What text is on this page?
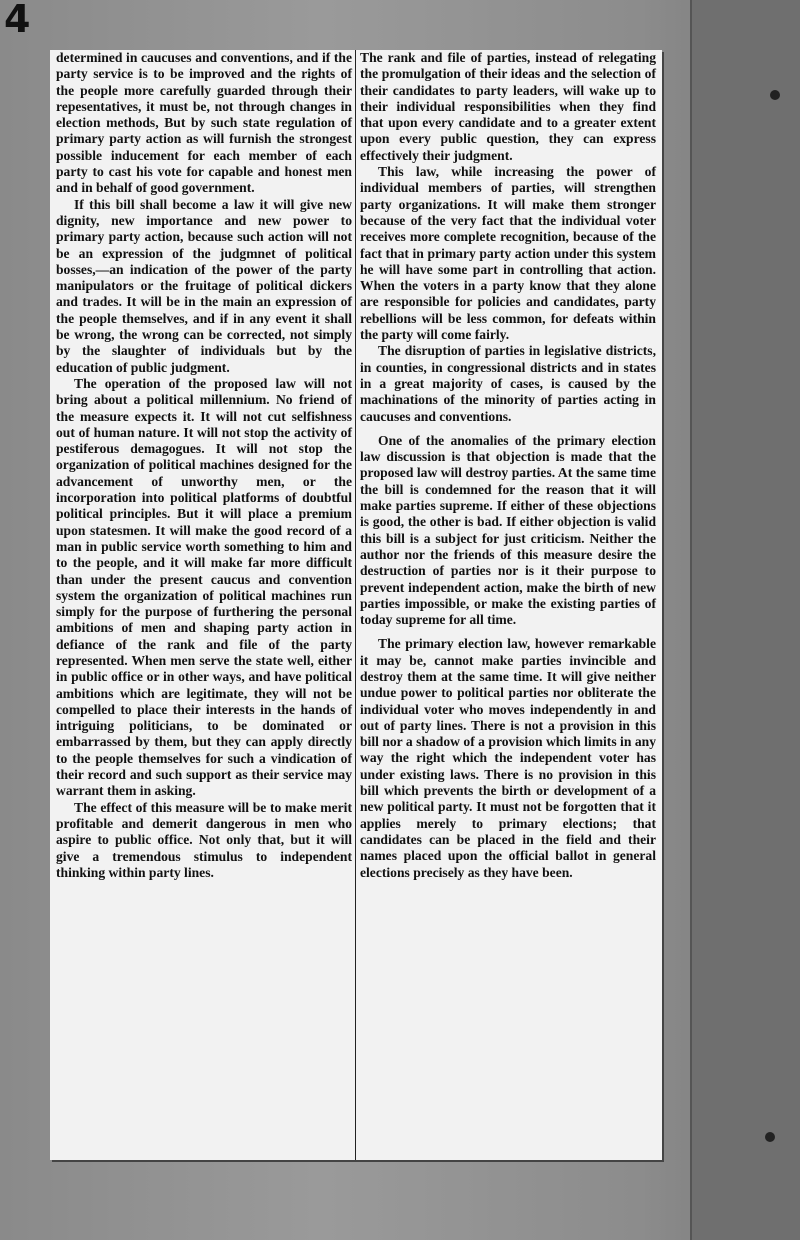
4

determined in caucuses and conventions, and if the party service is to be improved and the rights of the people more carefully guarded through their repesentatives, it must be, not through changes in election methods, But by such state regulation of primary party action as will furnish the strongest possible inducement for each member of each party to cast his vote for capable and honest men and in behalf of good government.

If this bill shall become a law it will give new dignity, new importance and new power to primary party action, because such action will not be an expression of the judgmnet of political bosses,—an indication of the power of the party manipulators or the fruitage of political dickers and trades. It will be in the main an expression of the people themselves, and if in any event it shall be wrong, the wrong can be corrected, not simply by the slaughter of individuals but by the education of public judgment.

The operation of the proposed law will not bring about a political millennium. No friend of the measure expects it. It will not cut selfishness out of human nature. It will not stop the activity of pestiferous demagogues. It will not stop the organization of political machines designed for the advancement of unworthy men, or the incorporation into political platforms of doubtful political principles. But it will place a premium upon statesmen. It will make the good record of a man in public service worth something to him and to the people, and it will make far more difficult than under the present caucus and convention system the organization of political machines run simply for the purpose of furthering the personal ambitions of men and shaping party action in defiance of the rank and file of the party represented. When men serve the state well, either in public office or in other ways, and have political ambitions which are legitimate, they will not be compelled to place their interests in the hands of intriguing politicians, to be dominated or embarrassed by them, but they can apply directly to the people themselves for such a vindication of their record and such support as their service may warrant them in asking.

The effect of this measure will be to make merit profitable and demerit dangerous in men who aspire to public office. Not only that, but it will give a tremendous stimulus to independent thinking within party lines.

The rank and file of parties, instead of relegating the promulgation of their ideas and the selection of their candidates to party leaders, will wake up to their individual responsibilities when they find that upon every candidate and to a greater extent upon every public question, they can express effectively their judgment.

This law, while increasing the power of individual members of parties, will strengthen party organizations. It will make them stronger because of the very fact that the individual voter receives more complete recognition, because of the fact that in primary party action under this system he will have some part in controlling that action. When the voters in a party know that they alone are responsible for policies and candidates, party rebellions will be less common, for defeats within the party will come fairly.

The disruption of parties in legislative districts, in counties, in congressional districts and in states in a great majority of cases, is caused by the machinations of the minority of parties acting in caucuses and conventions.

One of the anomalies of the primary election law discussion is that objection is made that the proposed law will destroy parties. At the same time the bill is condemned for the reason that it will make parties supreme. If either of these objections is good, the other is bad. If either objection is valid this bill is a subject for just criticism. Neither the author nor the friends of this measure desire the destruction of parties nor is it their purpose to prevent independent action, make the birth of new parties impossible, or make the existing parties of today supreme for all time.

The primary election law, however remarkable it may be, cannot make parties invincible and destroy them at the same time. It will give neither undue power to political parties nor obliterate the individual voter who moves independently in and out of party lines. There is not a provision in this bill nor a shadow of a provision which limits in any way the right which the independent voter has under existing laws. There is no provision in this bill which prevents the birth or development of a new political party. It must not be forgotten that it applies merely to primary elections; that candidates can be placed in the field and their names placed upon the official ballot in general elections precisely as they have been.
